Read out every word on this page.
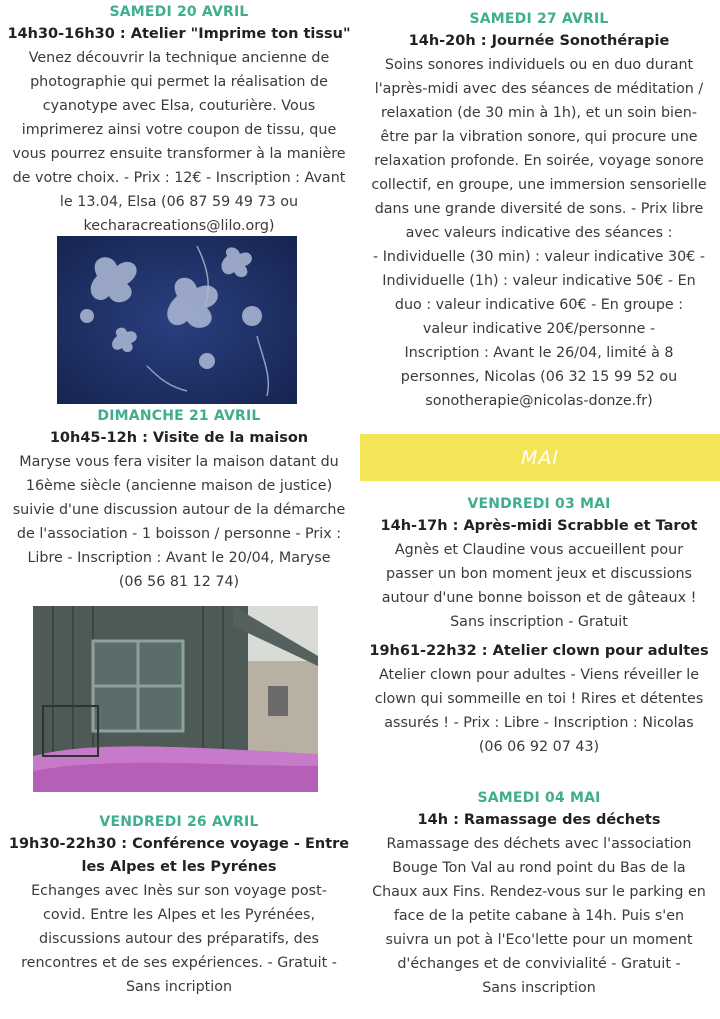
SAMEDI 20 AVRIL
14h30-16h30 : Atelier "Imprime ton tissu"
Venez découvrir la technique ancienne de
photographie qui permet la réalisation de
cyanotype avec Elsa, couturière. Vous
imprimerez ainsi votre coupon de tissu, que
vous pourrez ensuite transformer à la manière
de votre choix. - Prix : 12€ - Inscription : Avant
le 13.04, Elsa (06 87 59 49 73 ou
kecharacreations@lilo.org)
DIMANCHE 21 AVRIL
10h45-12h : Visite de la maison
Maryse vous fera visiter la maison datant du
16ème siècle (ancienne maison de justice)
suivie d'une discussion autour de la démarche
de l'association - 1 boisson / personne - Prix :
Libre - Inscription : Avant le 20/04, Maryse
(06 56 81 12 74)
VENDREDI 26 AVRIL
19h30-22h30 : Conférence voyage - Entre
les Alpes et les Pyrénes
Echanges avec Inès sur son voyage post-
covid. Entre les Alpes et les Pyrénées,
discussions autour des préparatifs, des
rencontres et de ses expériences. - Gratuit -
Sans incription
SAMEDI 27 AVRIL
14h-20h : Journée Sonothérapie
Soins sonores individuels ou en duo durant
l'après-midi avec des séances de méditation /
relaxation (de 30 min à 1h), et un soin bien-
être par la vibration sonore, qui procure une
relaxation profonde. En soirée, voyage sonore
collectif, en groupe, une immersion sensorielle
dans une grande diversité de sons. - Prix libre
avec valeurs indicative des séances :
- Individuelle (30 min) : valeur indicative 30€ -
Individuelle (1h) : valeur indicative 50€ - En
duo : valeur indicative 60€ - En groupe :
valeur indicative 20€/personne -
Inscription : Avant le 26/04, limité à 8
personnes, Nicolas (06 32 15 99 52 ou
sonotherapie@nicolas-donze.fr)
VENDREDI 03 MAI
14h-17h : Après-midi Scrabble et Tarot
Agnès et Claudine vous accueillent pour
passer un bon moment jeux et discussions
autour d'une bonne boisson et de gâteaux !
Sans inscription - Gratuit
19h61-22h32 : Atelier clown pour adultes
Atelier clown pour adultes - Viens réveiller le
clown qui sommeille en toi ! Rires et détentes
assurés ! - Prix : Libre - Inscription : Nicolas
(06 06 92 07 43)
SAMEDI 04 MAI
14h : Ramassage des déchets
Ramassage des déchets avec l'association
Bouge Ton Val au rond point du Bas de la
Chaux aux Fins. Rendez-vous sur le parking en
face de la petite cabane à 14h. Puis s'en
suivra un pot à l'Eco'lette pour un moment
d'échanges et de convivialité - Gratuit -
Sans inscription
MAI
